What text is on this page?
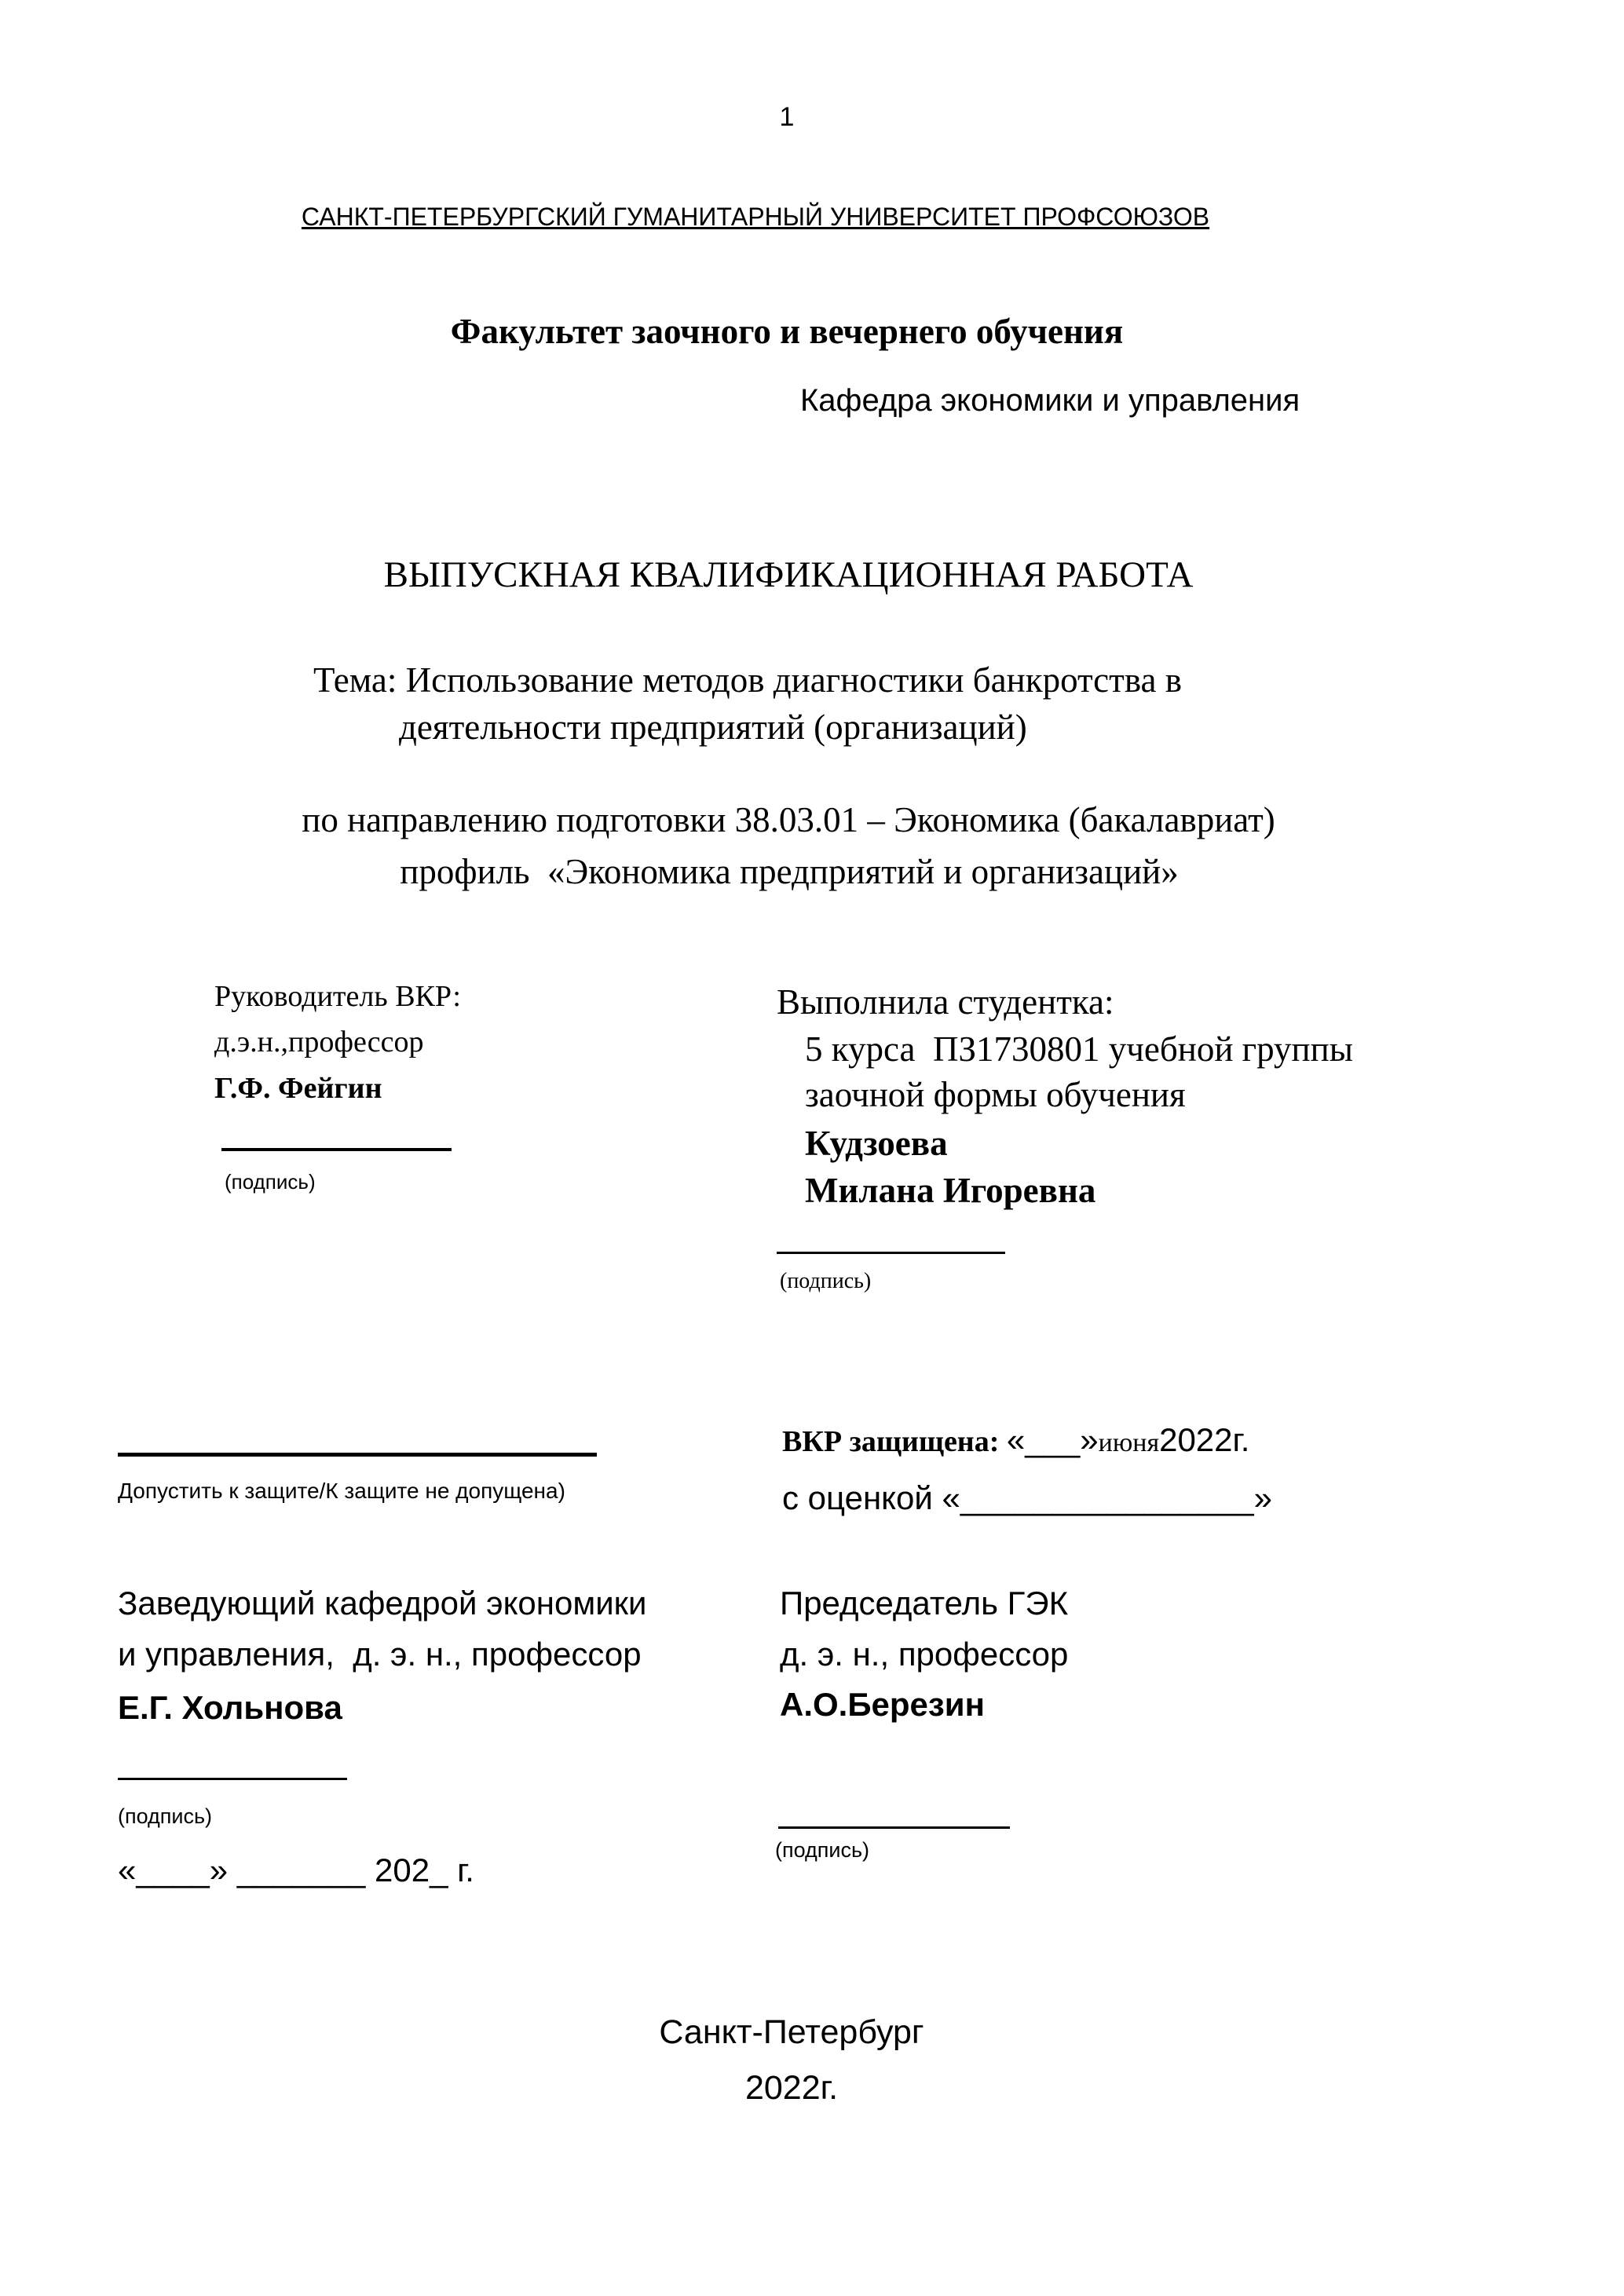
1
САНКТ-ПЕТЕРБУРГСКИЙ ГУМАНИТАРНЫЙ УНИВЕРСИТЕТ ПРОФСОЮЗОВ
Факультет заочного и вечернего обучения
Кафедра экономики и управления
ВЫПУСКНАЯ КВАЛИФИКАЦИОННАЯ РАБОТА
Тема: Использование методов диагностики банкротства в
деятельности предприятий (организаций)
по направлению подготовки 38.03.01 – Экономика (бакалавриат)
профиль  «Экономика предприятий и организаций»
Руководитель ВКР:
д.э.н.,профессор
Г.Ф. Фейгин
(подпись)
Выполнила студентка:
5 курса  ПЗ1730801 учебной группы
заочной формы обучения
Кудзоева
Милана Игоревна
(подпись)
Допустить к защите/К защите не допущена)
ВКР защищена: «___»июня2022г.
с оценкой «________________»
Заведующий кафедрой экономики
и управления,  д. э. н., профессор
Е.Г. Хольнова
(подпись)
«____» _______ 202_ г.
Председатель ГЭК
д. э. н., профессор
А.О.Березин
(подпись)
Санкт-Петербург
2022г.
